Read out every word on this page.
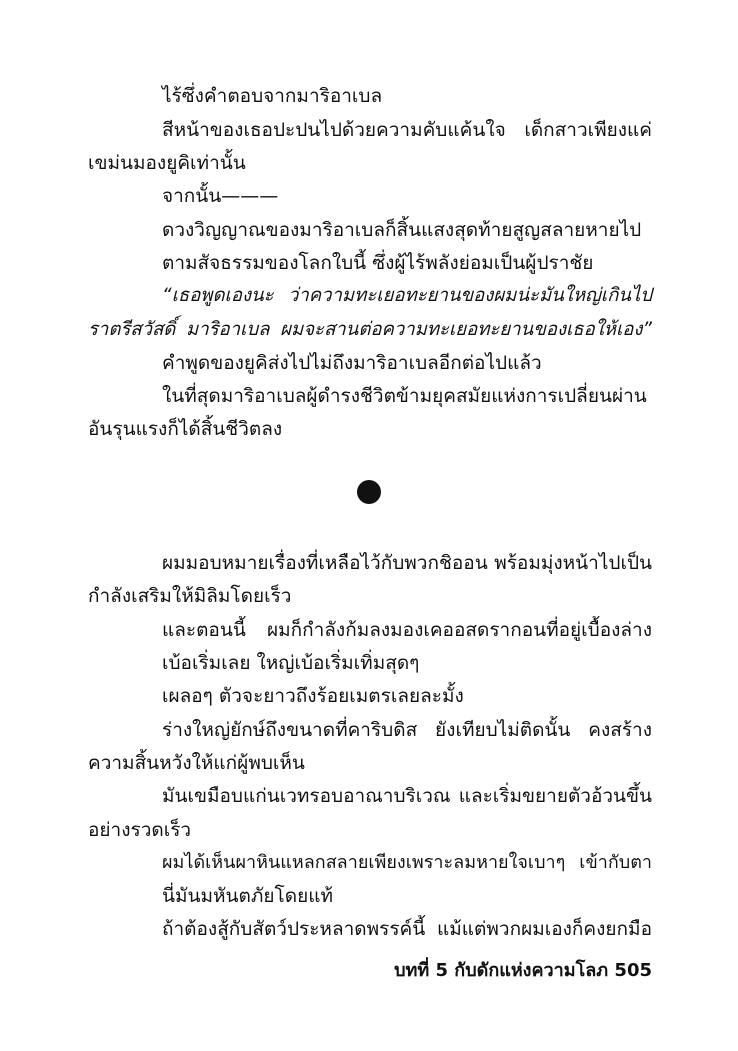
ไร้ซึ่งคำตอบจากมาริอาเบล
สีหน้าของเธอปะปนไปด้วยความคับแค้นใจ เด็กสาวเพียงแค่
เขม่นมองยูคิเท่านั้น
จากนั้น———
ดวงวิญญาณของมาริอาเบลก็สิ้นแสงสุดท้ายสูญสลายหายไป
ตามสัจธรรมของโลกใบนี้ ซึ่งผู้ไร้พลังย่อมเป็นผู้ปราชัย
“เธอพูดเองนะ ว่าความทะเยอทะยานของผมน่ะมันใหญ่เกินไป
ราตรีสวัสดิ์ มาริอาเบล ผมจะสานต่อความทะเยอทะยานของเธอให้เอง”
คำพูดของยูคิส่งไปไม่ถึงมาริอาเบลอีกต่อไปแล้ว
ในที่สุดมาริอาเบลผู้ดำรงชีวิตข้ามยุคสมัยแห่งการเปลี่ยนผ่าน
อันรุนแรงก็ได้สิ้นชีวิตลง
ผมมอบหมายเรื่องที่เหลือไว้กับพวกชิออน พร้อมมุ่งหน้าไปเป็น
กำลังเสริมให้มิลิมโดยเร็ว
และตอนนี้ ผมก็กำลังก้มลงมองเคออสดรากอนที่อยู่เบื้องล่าง
เบ้อเริ่มเลย ใหญ่เบ้อเริ่มเทิ่มสุดๆ
เผลอๆ ตัวจะยาวถึงร้อยเมตรเลยละมั้ง
ร่างใหญ่ยักษ์ถึงขนาดที่คาริบดิส ยังเทียบไม่ติดนั้น คงสร้าง
ความสิ้นหวังให้แก่ผู้พบเห็น
มันเขมือบแก่นเวทรอบอาณาบริเวณ และเริ่มขยายตัวอ้วนขึ้น
อย่างรวดเร็ว
ผมได้เห็นผาหินแหลกสลายเพียงเพราะลมหายใจเบาๆ เข้ากับตา
นี่มันมหันตภัยโดยแท้
ถ้าต้องสู้กับสัตว์ประหลาดพรรค์นี้ แม้แต่พวกผมเองก็คงยกมือ
บทที่ 5 กับดักแห่งความโลภ 505
